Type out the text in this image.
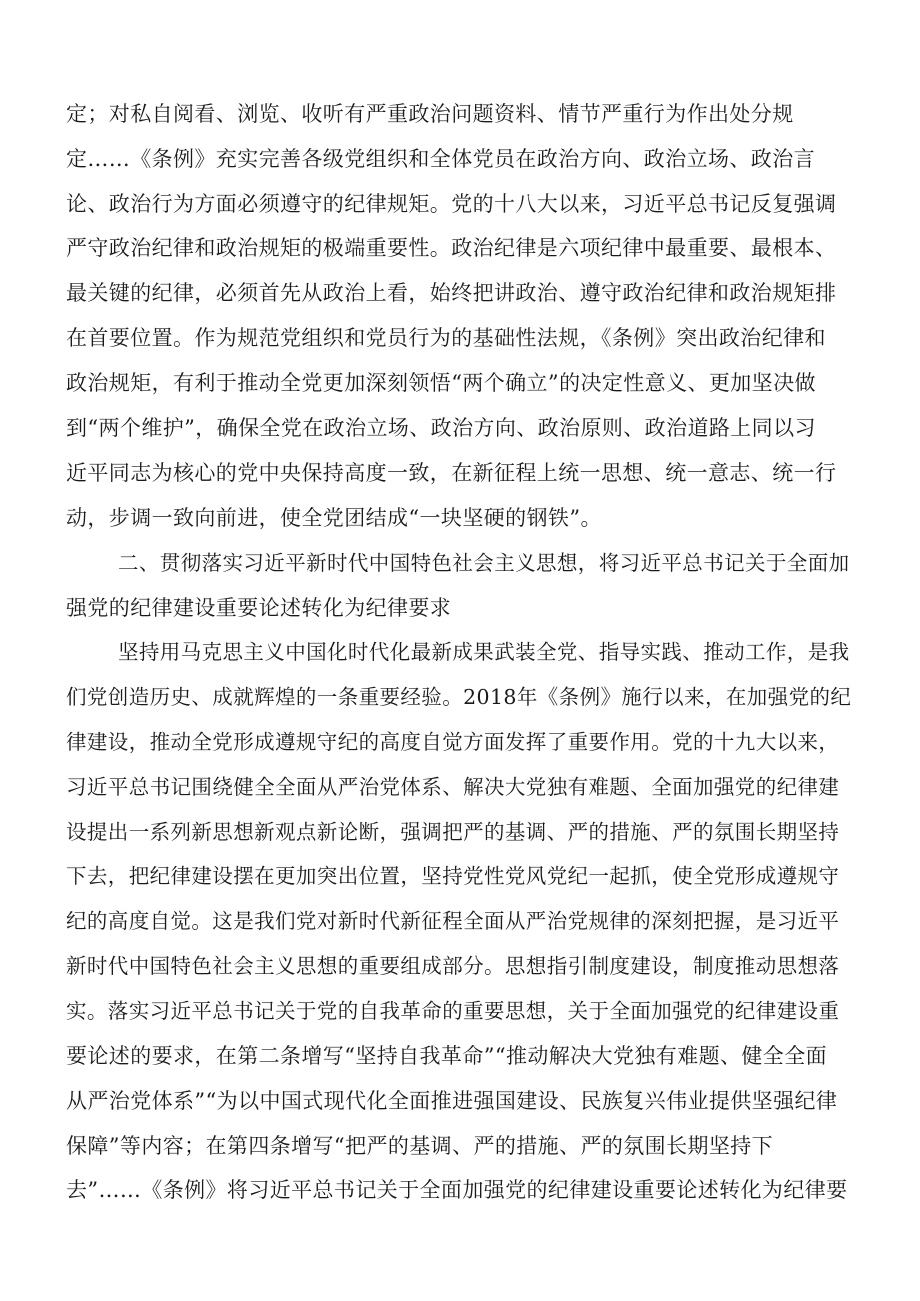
定；对私自阅看、浏览、收听有严重政治问题资料、情节严重行为作出处分规
定……《条例》充实完善各级党组织和全体党员在政治方向、政治立场、政治言
论、政治行为方面必须遵守的纪律规矩。党的十八大以来，习近平总书记反复强调
严守政治纪律和政治规矩的极端重要性。政治纪律是六项纪律中最重要、最根本、
最关键的纪律，必须首先从政治上看，始终把讲政治、遵守政治纪律和政治规矩排
在首要位置。作为规范党组织和党员行为的基础性法规，《条例》突出政治纪律和
政治规矩，有利于推动全党更加深刻领悟“两个确立”的决定性意义、更加坚决做
到“两个维护”，确保全党在政治立场、政治方向、政治原则、政治道路上同以习
近平同志为核心的党中央保持高度一致，在新征程上统一思想、统一意志、统一行
动，步调一致向前进，使全党团结成“一块坚硬的钢铁”。
二、贯彻落实习近平新时代中国特色社会主义思想，将习近平总书记关于全面加
强党的纪律建设重要论述转化为纪律要求
坚持用马克思主义中国化时代化最新成果武装全党、指导实践、推动工作，是我
们党创造历史、成就辉煌的一条重要经验。2018年《条例》施行以来，在加强党的纪
律建设，推动全党形成遵规守纪的高度自觉方面发挥了重要作用。党的十九大以来，
习近平总书记围绕健全全面从严治党体系、解决大党独有难题、全面加强党的纪律建
设提出一系列新思想新观点新论断，强调把严的基调、严的措施、严的氛围长期坚持
下去，把纪律建设摆在更加突出位置，坚持党性党风党纪一起抓，使全党形成遵规守
纪的高度自觉。这是我们党对新时代新征程全面从严治党规律的深刻把握，是习近平
新时代中国特色社会主义思想的重要组成部分。思想指引制度建设，制度推动思想落
实。落实习近平总书记关于党的自我革命的重要思想，关于全面加强党的纪律建设重
要论述的要求，在第二条增写“坚持自我革命”“推动解决大党独有难题、健全全面
从严治党体系”“为以中国式现代化全面推进强国建设、民族复兴伟业提供坚强纪律
保障”等内容；在第四条增写“把严的基调、严的措施、严的氛围长期坚持下
去”……《条例》将习近平总书记关于全面加强党的纪律建设重要论述转化为纪律要
